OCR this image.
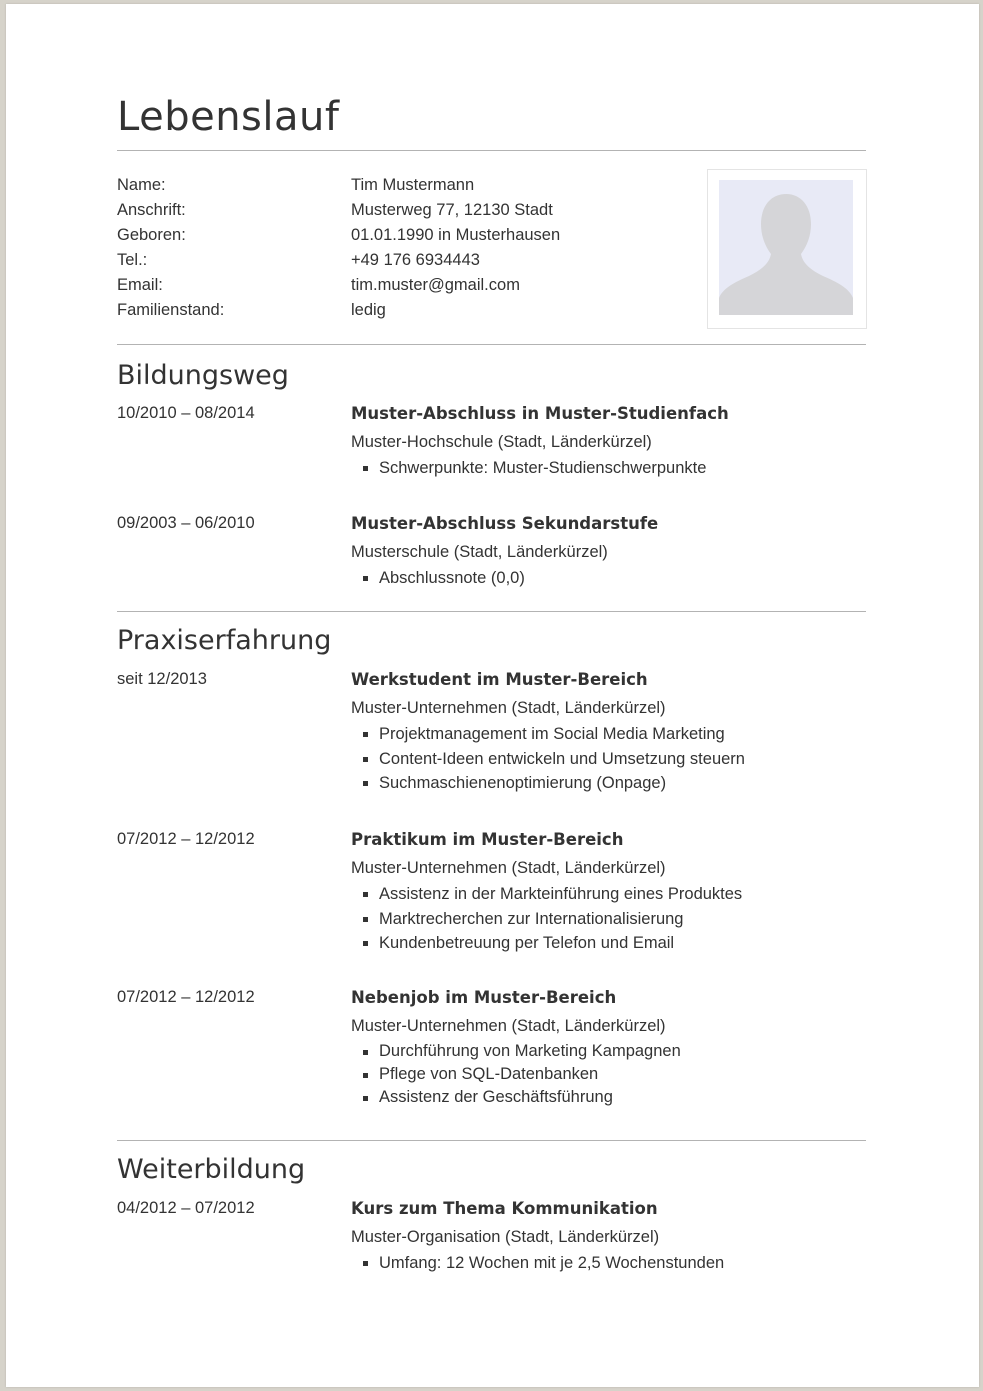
Lebenslauf
Name:	Tim Mustermann
Anschrift:	Musterweg 77, 12130 Stadt
Geboren:	01.01.1990 in Musterhausen
Tel.:	+49 176 6934443
Email:	tim.muster@gmail.com
Familienstand:	ledig
Bildungsweg
10/2010 – 08/2014	Muster-Abschluss in Muster-Studienfach
Muster-Hochschule (Stadt, Länderkürzel)
Schwerpunkte: Muster-Studienschwerpunkte
09/2003 – 06/2010	Muster-Abschluss Sekundarstufe
Musterschule (Stadt, Länderkürzel)
Abschlussnote (0,0)
Praxiserfahrung
seit 12/2013	Werkstudent im Muster-Bereich
Muster-Unternehmen (Stadt, Länderkürzel)
Projektmanagement im Social Media Marketing
Content-Ideen entwickeln und Umsetzung steuern
Suchmaschienenoptimierung (Onpage)
07/2012 – 12/2012	Praktikum im Muster-Bereich
Muster-Unternehmen (Stadt, Länderkürzel)
Assistenz in der Markteinführung eines Produktes
Marktrecherchen zur Internationalisierung
Kundenbetreuung per Telefon und Email
07/2012 – 12/2012	Nebenjob im Muster-Bereich
Muster-Unternehmen (Stadt, Länderkürzel)
Durchführung von Marketing Kampagnen
Pflege von SQL-Datenbanken
Assistenz der Geschäftsführung
Weiterbildung
04/2012 – 07/2012	Kurs zum Thema Kommunikation
Muster-Organisation (Stadt, Länderkürzel)
Umfang: 12 Wochen mit je 2,5 Wochenstunden
